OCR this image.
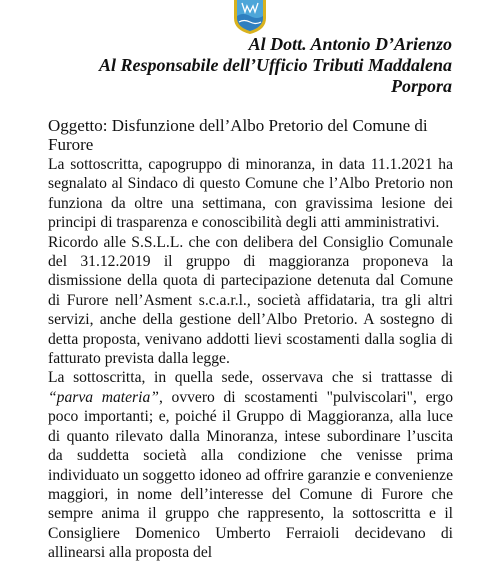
Al Dott. Antonio D’Arienzo
Al Responsabile dell’Ufficio Tributi Maddalena
Porpora
Oggetto: Disfunzione dell’Albo Pretorio del Comune di Furore

La sottoscritta, capogruppo di minoranza, in data 11.1.2021 ha segnalato al Sindaco di questo Comune che l’Albo Pretorio non funziona da oltre una settimana, con gravissima lesione dei principi di trasparenza e conoscibilità degli atti amministrativi.

Ricordo alle S.S.L.L. che con delibera del Consiglio Comunale del 31.12.2019 il gruppo di maggioranza proponeva la dismissione della quota di partecipazione detenuta dal Comune di Furore nell’Asment s.c.a.r.l., società affidataria, tra gli altri servizi, anche della gestione dell’Albo Pretorio. A sostegno di detta proposta, venivano addotti lievi scostamenti dalla soglia di fatturato prevista dalla legge.

La sottoscritta, in quella sede, osservava che si trattasse di “parva materia”, ovvero di scostamenti "pulviscolari", ergo poco importanti; e, poiché il Gruppo di Maggioranza, alla luce di quanto rilevato dalla Minoranza, intese subordinare l’uscita da suddetta società alla condizione che venisse prima individuato un soggetto idoneo ad offrire garanzie e convenienze maggiori, in nome dell’interesse del Comune di Furore che sempre anima il gruppo che rappresento, la sottoscritta e il Consigliere Domenico Umberto Ferraioli decidevano di allinearsi alla proposta del
